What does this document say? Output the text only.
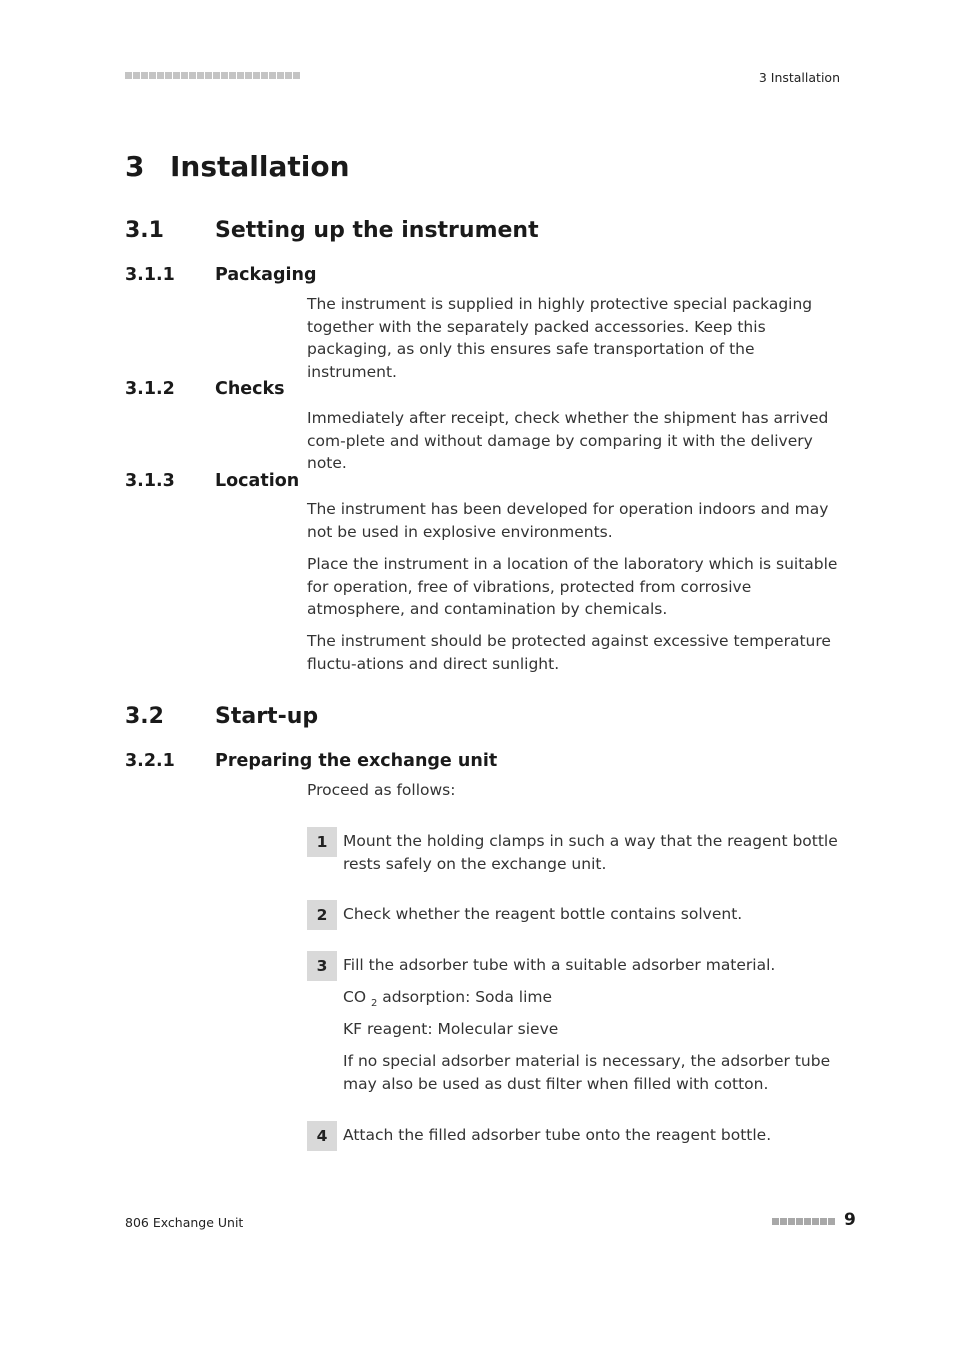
3 Installation
3 Installation
3.1 Setting up the instrument
3.1.1 Packaging

The instrument is supplied in highly protective special packaging together with the separately packed accessories. Keep this packaging, as only this ensures safe transportation of the instrument.

3.1.2 Checks

Immediately after receipt, check whether the shipment has arrived com-plete and without damage by comparing it with the delivery note.

3.1.3 Location

The instrument has been developed for operation indoors and may not be used in explosive environments.

Place the instrument in a location of the laboratory which is suitable for operation, free of vibrations, protected from corrosive atmosphere, and contamination by chemicals.

The instrument should be protected against excessive temperature fluctu-ations and direct sunlight.

3.2 Start-up
3.2.1 Preparing the exchange unit

Proceed as follows:

1	Mount the holding clamps in such a way that the reagent bottle rests safely on the exchange unit.
2	Check whether the reagent bottle contains solvent.
3	Fill the adsorber tube with a suitable adsorber material.
CO $_2$ adsorption: Soda lime
KF reagent: Molecular sieve
If no special adsorber material is necessary, the adsorber tube may also be used as dust filter when filled with cotton.
4	Attach the filled adsorber tube onto the reagent bottle.
806 Exchange Unit	9
